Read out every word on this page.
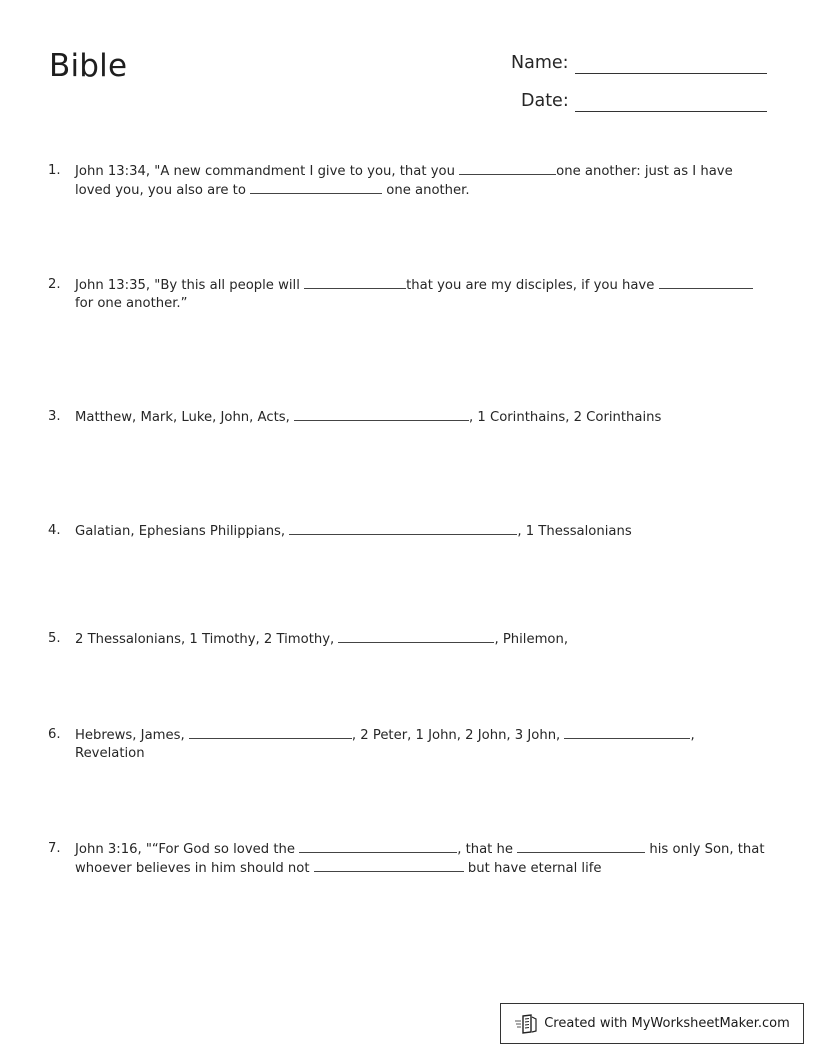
Bible	Name:
Date:
1. John 13:34, "A new commandment I give to you, that you	one another: just as I have
loved you, you also are to	one another.
2. John 13:35, "By this all people will	that you are my disciples, if you have
for one another.”
3. Matthew, Mark, Luke, John, Acts,	, 1 Corinthains, 2 Corinthains
4. Galatian, Ephesians Philippians,	, 1 Thessalonians
5. 2 Thessalonians, 1 Timothy, 2 Timothy,	, Philemon,
6. Hebrews, James,	, 2 Peter, 1 John, 2 John, 3 John,	,
Revelation
7. John 3:16, "“For God so loved the	, that he	his only Son, that
whoever believes in him should not	but have eternal life
Created with MyWorksheetMaker.com
